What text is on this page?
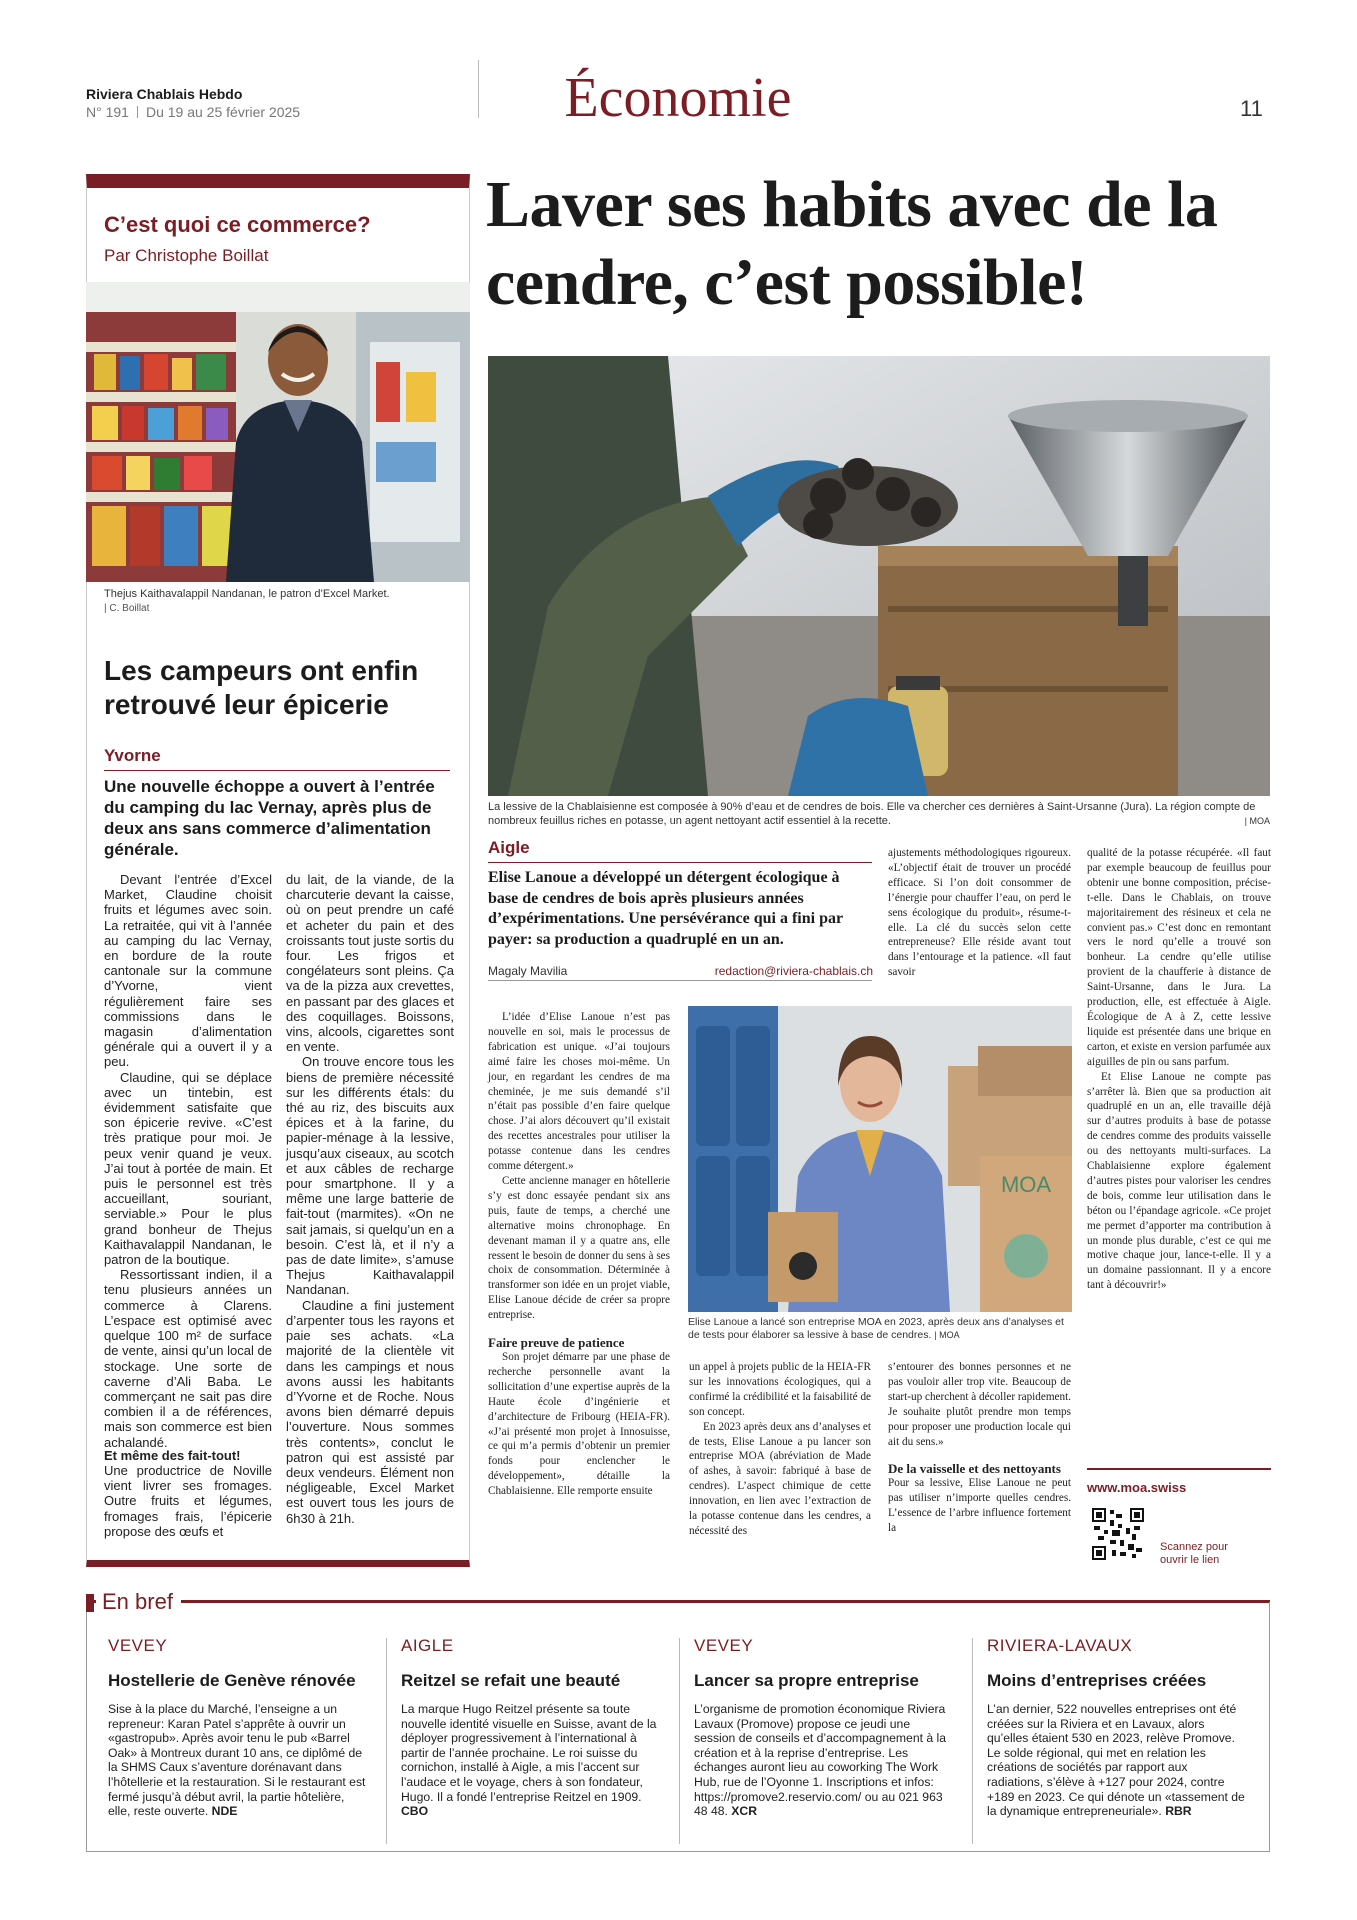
Riviera Chablais Hebdo
N° 191 Du 19 au 25 février 2025	Économie	11
C’est quoi ce commerce?
Par Christophe Boillat
Thejus Kaithavalappil Nandanan, le patron d’Excel Market.
| C. Boillat
Les campeurs ont enfin retrouvé leur épicerie
Yvorne
Une nouvelle échoppe a ouvert à l’entrée du camping du lac Vernay, après plus de deux ans sans commerce d’alimentation générale.

Devant l’entrée d’Excel Market, Claudine choisit fruits et légumes avec soin. La retraitée, qui vit à l’année au camping du lac Vernay, en bordure de la route cantonale sur la commune d’Yvorne, vient régulièrement faire ses commissions dans le magasin d’alimentation générale qui a ouvert il y a peu.

Claudine, qui se déplace avec un tintebin, est évidemment satisfaite que son épicerie revive. «C’est très pratique pour moi. Je peux venir quand je veux. J’ai tout à portée de main. Et puis le personnel est très accueillant, souriant, serviable.» Pour le plus grand bonheur de Thejus Kaithavalappil Nandanan, le patron de la boutique.

Ressortissant indien, il a tenu plusieurs années un commerce à Clarens. L’espace est optimisé avec quelque 100 m² de surface de vente, ainsi qu’un local de stockage. Une sorte de caverne d’Ali Baba. Le commerçant ne sait pas dire combien il a de références, mais son commerce est bien achalandé.

Et même des fait-tout!

Une productrice de Noville vient livrer ses fromages. Outre fruits et légumes, fromages frais, l’épicerie propose des œufs et

du lait, de la viande, de la charcuterie devant la caisse, où on peut prendre un café et acheter du pain et des croissants tout juste sortis du four. Les frigos et congélateurs sont pleins. Ça va de la pizza aux crevettes, en passant par des glaces et des coquillages. Boissons, vins, alcools, cigarettes sont en vente.

On trouve encore tous les biens de première nécessité sur les différents étals: du thé au riz, des biscuits aux épices et à la farine, du papier-ménage à la lessive, jusqu’aux ciseaux, au scotch et aux câbles de recharge pour smartphone. Il y a même une large batterie de fait-tout (marmites). «On ne sait jamais, si quelqu’un en a besoin. C’est là, et il n’y a pas de date limite», s’amuse Thejus Kaithavalappil Nandanan.

Claudine a fini justement d’arpenter tous les rayons et paie ses achats. «La majorité de la clientèle vit dans les campings et nous avons aussi les habitants d’Yvorne et de Roche. Nous avons bien démarré depuis l’ouverture. Nous sommes très contents», conclut le patron qui est assisté par deux vendeurs. Élément non négligeable, Excel Market est ouvert tous les jours de 6h30 à 21h.

Laver ses habits avec de la cendre, c’est possible!
La lessive de la Chablaisienne est composée à 90% d’eau et de cendres de bois. Elle va chercher ces dernières à Saint-Ursanne (Jura). La région compte de nombreux feuillus riches en potasse, un agent nettoyant actif essentiel à la recette.	| MOA
Aigle
Elise Lanoue a développé un détergent écologique à base de cendres de bois après plusieurs années d’expérimentations. Une persévérance qui a fini par payer: sa production a quadruplé en un an.
Magaly Mavilia	redaction@riviera-chablais.ch

L’idée d’Elise Lanoue n’est pas nouvelle en soi, mais le processus de fabrication est unique. «J’ai toujours aimé faire les choses moi-même. Un jour, en regardant les cendres de ma cheminée, je me suis demandé s’il n’était pas possible d’en faire quelque chose. J’ai alors découvert qu’il existait des recettes ancestrales pour utiliser la potasse contenue dans les cendres comme détergent.»

Cette ancienne manager en hôtellerie s’y est donc essayée pendant six ans puis, faute de temps, a cherché une alternative moins chronophage. En devenant maman il y a quatre ans, elle ressent le besoin de donner du sens à ses choix de consommation. Déterminée à transformer son idée en un projet viable, Elise Lanoue décide de créer sa propre entreprise.

Faire preuve de patience

Son projet démarre par une phase de recherche personnelle avant la sollicitation d’une expertise auprès de la Haute école d’ingénierie et d’architecture de Fribourg (HEIA-FR). «J’ai présenté mon projet à Innosuisse, ce qui m’a permis d’obtenir un premier fonds pour enclencher le développement», détaille la Chablaisienne. Elle remporte ensuite

MOA
Elise Lanoue a lancé son entreprise MOA en 2023, après deux ans d’analyses et de tests pour élaborer sa lessive à base de cendres. | MOA

un appel à projets public de la HEIA-FR sur les innovations écologiques, qui a confirmé la crédibilité et la faisabilité de son concept.

En 2023 après deux ans d’analyses et de tests, Elise Lanoue a pu lancer son entreprise MOA (abréviation de Made of ashes, à savoir: fabriqué à base de cendres). L’aspect chimique de cette innovation, en lien avec l’extraction de la potasse contenue dans les cendres, a nécessité des

ajustements méthodologiques rigoureux. «L’objectif était de trouver un procédé efficace. Si l’on doit consommer de l’énergie pour chauffer l’eau, on perd le sens écologique du produit», résume-t-elle. La clé du succès selon cette entrepreneuse? Elle réside avant tout dans l’entourage et la patience. «Il faut savoir

s’entourer des bonnes personnes et ne pas vouloir aller trop vite. Beaucoup de start-up cherchent à décoller rapidement. Je souhaite plutôt prendre mon temps pour proposer une production locale qui ait du sens.»

De la vaisselle et des nettoyants

Pour sa lessive, Elise Lanoue ne peut pas utiliser n’importe quelles cendres. L’essence de l’arbre influence fortement la

qualité de la potasse récupérée. «Il faut par exemple beaucoup de feuillus pour obtenir une bonne composition, précise-t-elle. Dans le Chablais, on trouve majoritairement des résineux et cela ne convient pas.» C’est donc en remontant vers le nord qu’elle a trouvé son bonheur. La cendre qu’elle utilise provient de la chaufferie à distance de Saint-Ursanne, dans le Jura. La production, elle, est effectuée à Aigle. Écologique de A à Z, cette lessive liquide est présentée dans une brique en carton, et existe en version parfumée aux aiguilles de pin ou sans parfum.

Et Elise Lanoue ne compte pas s’arrêter là. Bien que sa production ait quadruplé en un an, elle travaille déjà sur d’autres produits à base de potasse de cendres comme des produits vaisselle ou des nettoyants multi-surfaces. La Chablaisienne explore également d’autres pistes pour valoriser les cendres de bois, comme leur utilisation dans le béton ou l’épandage agricole. «Ce projet me permet d’apporter ma contribution à un monde plus durable, c’est ce qui me motive chaque jour, lance-t-elle. Il y a un domaine passionnant. Il y a encore tant à découvrir!»

www.moa.swiss
Scannez pour
ouvrir le lien
En bref
VEVEY
Hostellerie de Genève rénovée
Sise à la place du Marché, l’enseigne a un repreneur: Karan Patel s’apprête à ouvrir un «gastropub». Après avoir tenu le pub «Barrel Oak» à Montreux durant 10 ans, ce diplômé de la SHMS Caux s’aventure dorénavant dans l’hôtellerie et la restauration. Si le restaurant est fermé jusqu’à début avril, la partie hôtelière, elle, reste ouverte. NDE
AIGLE
Reitzel se refait une beauté
La marque Hugo Reitzel présente sa toute nouvelle identité visuelle en Suisse, avant de la déployer progressivement à l’international à partir de l’année prochaine. Le roi suisse du cornichon, installé à Aigle, a mis l’accent sur l’audace et le voyage, chers à son fondateur, Hugo. Il a fondé l’entreprise Reitzel en 1909. CBO
VEVEY
Lancer sa propre entreprise
L’organisme de promotion économique Riviera Lavaux (Promove) propose ce jeudi une session de conseils et d’accompagnement à la création et à la reprise d’entreprise. Les échanges auront lieu au coworking The Work Hub, rue de l’Oyonne 1. Inscriptions et infos: https://promove2.reservio.com/ ou au 021 963 48 48. XCR
RIVIERA-LAVAUX
Moins d’entreprises créées
L’an dernier, 522 nouvelles entreprises ont été créées sur la Riviera et en Lavaux, alors qu’elles étaient 530 en 2023, relève Promove. Le solde régional, qui met en relation les créations de sociétés par rapport aux radiations, s’élève à +127 pour 2024, contre +189 en 2023. Ce qui dénote un «tassement de la dynamique entrepreneuriale». RBR
